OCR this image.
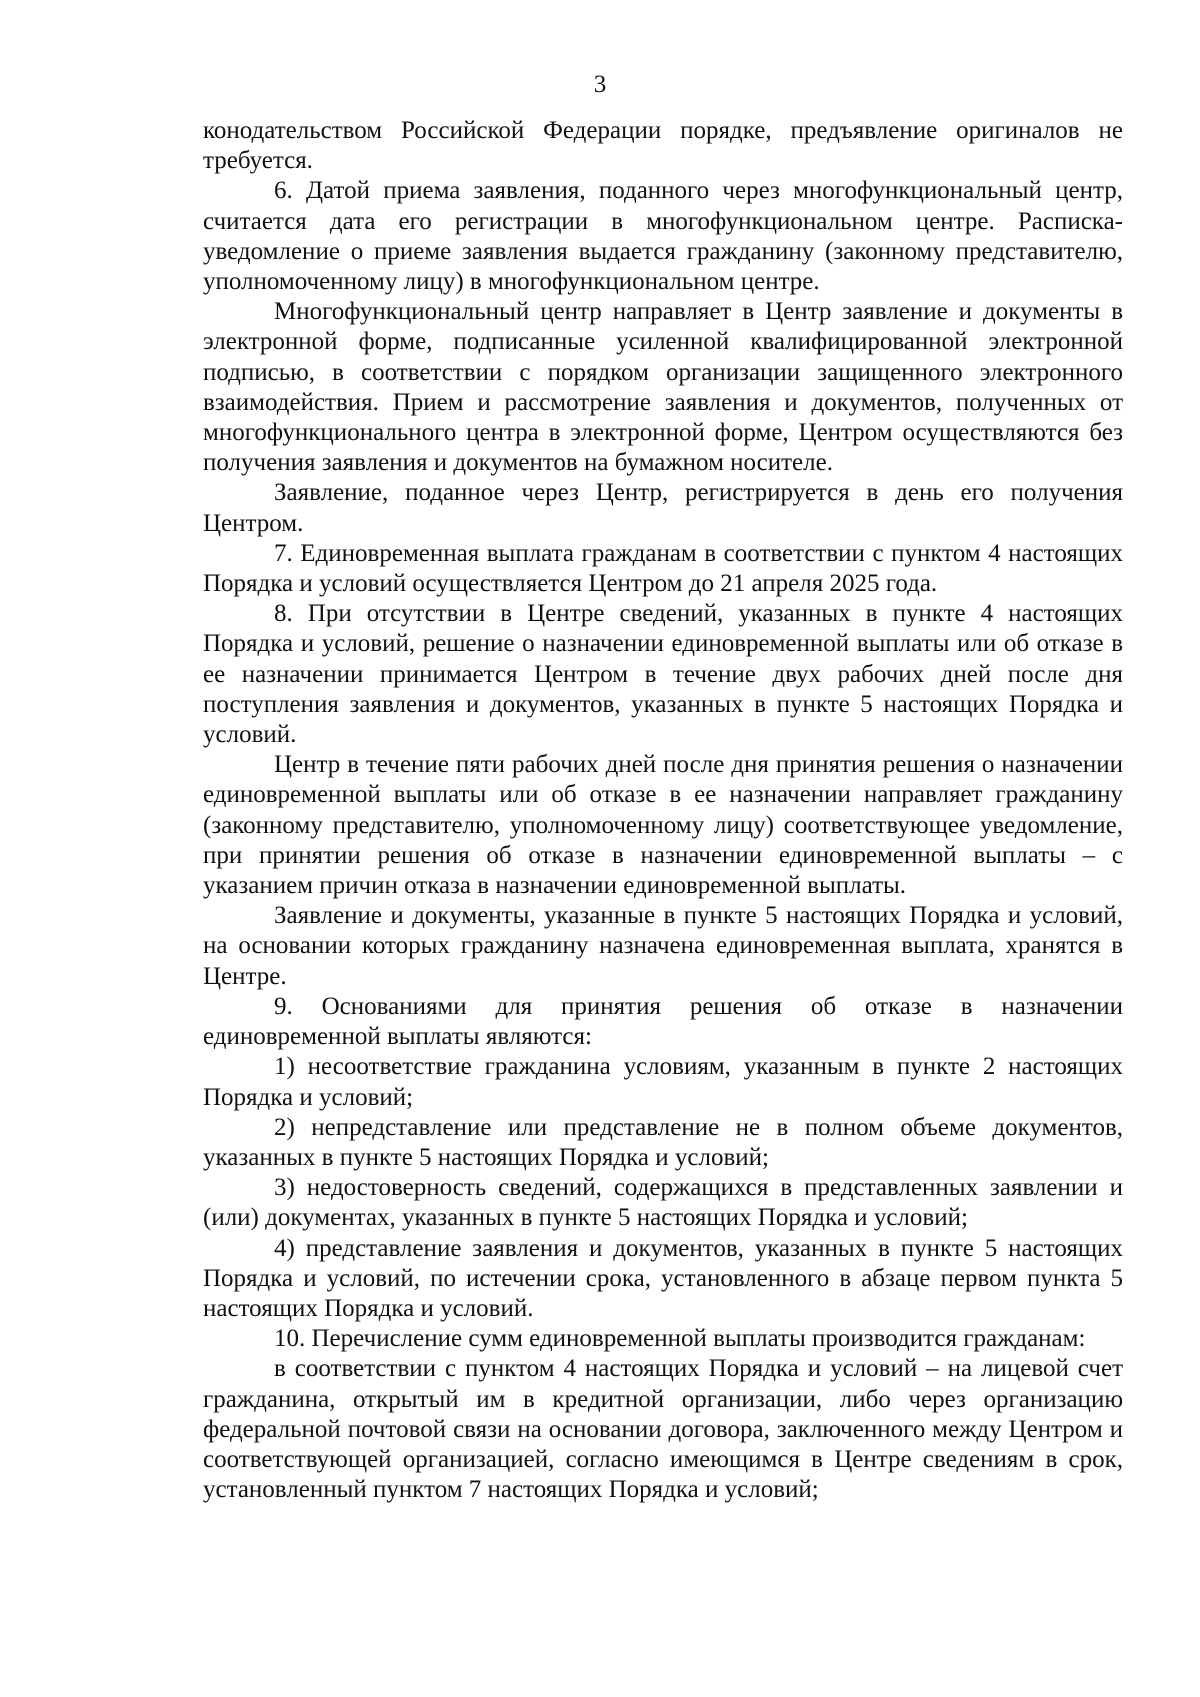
3

конодательством Российской Федерации порядке, предъявление оригиналов не требуется.

6. Датой приема заявления, поданного через многофункциональный центр, считается дата его регистрации в многофункциональном центре. Расписка-уведомление о приеме заявления выдается гражданину (законному представителю, уполномоченному лицу) в многофункциональном центре.

Многофункциональный центр направляет в Центр заявление и документы в электронной форме, подписанные усиленной квалифицированной электронной подписью, в соответствии с порядком организации защищенного электронного взаимодействия. Прием и рассмотрение заявления и документов, полученных от многофункционального центра в электронной форме, Центром осуществляются без получения заявления и документов на бумажном носителе.

Заявление, поданное через Центр, регистрируется в день его получения Центром.

7. Единовременная выплата гражданам в соответствии с пунктом 4 настоящих Порядка и условий осуществляется Центром до 21 апреля 2025 года.

8. При отсутствии в Центре сведений, указанных в пункте 4 настоящих Порядка и условий, решение о назначении единовременной выплаты или об отказе в ее назначении принимается Центром в течение двух рабочих дней после дня поступления заявления и документов, указанных в пункте 5 настоящих Порядка и условий.

Центр в течение пяти рабочих дней после дня принятия решения о назначении единовременной выплаты или об отказе в ее назначении направляет гражданину (законному представителю, уполномоченному лицу) соответствующее уведомление, при принятии решения об отказе в назначении единовременной выплаты – с указанием причин отказа в назначении единовременной выплаты.

Заявление и документы, указанные в пункте 5 настоящих Порядка и условий, на основании которых гражданину назначена единовременная выплата, хранятся в Центре.

9. Основаниями для принятия решения об отказе в назначении единовременной выплаты являются:

1) несоответствие гражданина условиям, указанным в пункте 2 настоящих Порядка и условий;

2) непредставление или представление не в полном объеме документов, указанных в пункте 5 настоящих Порядка и условий;

3) недостоверность сведений, содержащихся в представленных заявлении и (или) документах, указанных в пункте 5 настоящих Порядка и условий;

4) представление заявления и документов, указанных в пункте 5 настоящих Порядка и условий, по истечении срока, установленного в абзаце первом пункта 5 настоящих Порядка и условий.

10. Перечисление сумм единовременной выплаты производится гражданам:

в соответствии с пунктом 4 настоящих Порядка и условий – на лицевой счет гражданина, открытый им в кредитной организации, либо через организацию федеральной почтовой связи на основании договора, заключенного между Центром и соответствующей организацией, согласно имеющимся в Центре сведениям в срок, установленный пунктом 7 настоящих Порядка и условий;
